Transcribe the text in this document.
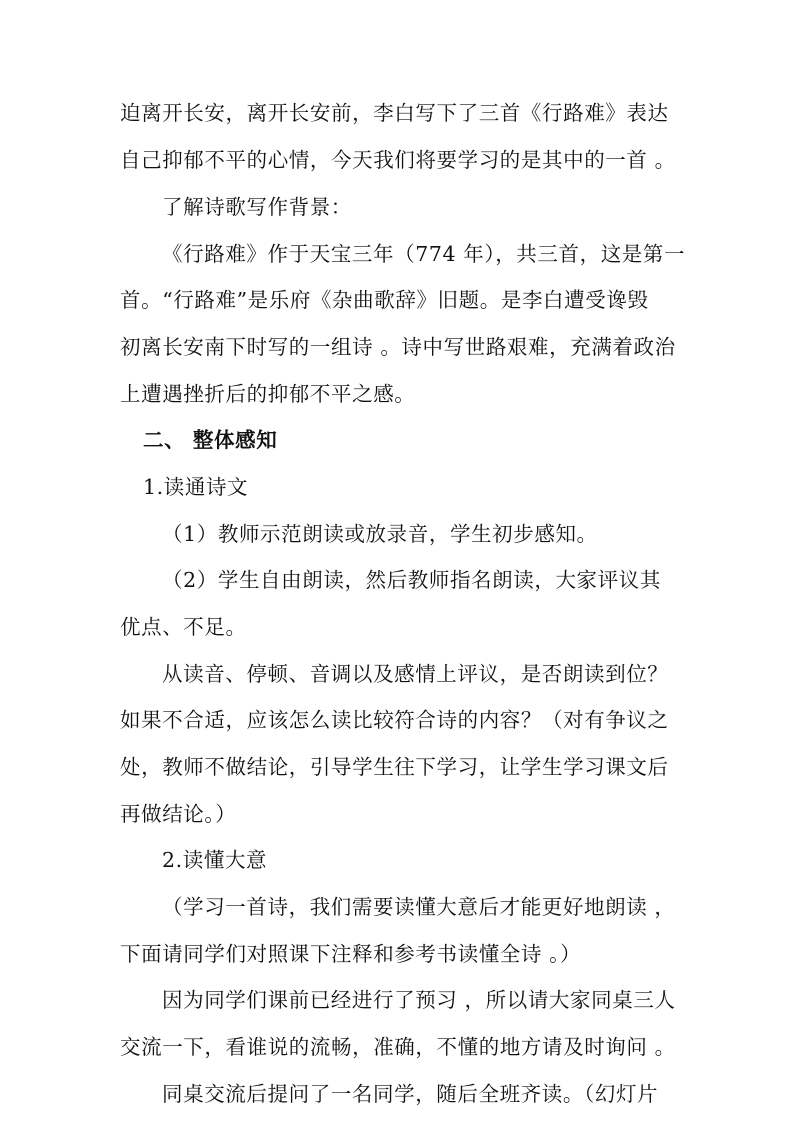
迫离开长安，离开长安前，李白写下了三首《行路难》表达
自己抑郁不平的心情，今天我们将要学习的是其中的一首 。
了解诗歌写作背景：
《行路难》作于天宝三年（774 年），共三首，这是第一
首。“行路难”是乐府《杂曲歌辞》旧题。是李白遭受谗毁
初离长安南下时写的一组诗 。诗中写世路艰难，充满着政治
上遭遇挫折后的抑郁不平之感。
二、 整体感知
1.读通诗文
（1）教师示范朗读或放录音，学生初步感知。
（2）学生自由朗读，然后教师指名朗读，大家评议其
优点、不足。
从读音、停顿、音调以及感情上评议，是否朗读到位？
如果不合适，应该怎么读比较符合诗的内容？（对有争议之
处，教师不做结论，引导学生往下学习，让学生学习课文后
再做结论。）
2.读懂大意
（学习一首诗，我们需要读懂大意后才能更好地朗读 ，
下面请同学们对照课下注释和参考书读懂全诗 。）
因为同学们课前已经进行了预习 ，所以请大家同桌三人
交流一下，看谁说的流畅，准确，不懂的地方请及时询问 。
同桌交流后提问了一名同学，随后全班齐读。（幻灯片
